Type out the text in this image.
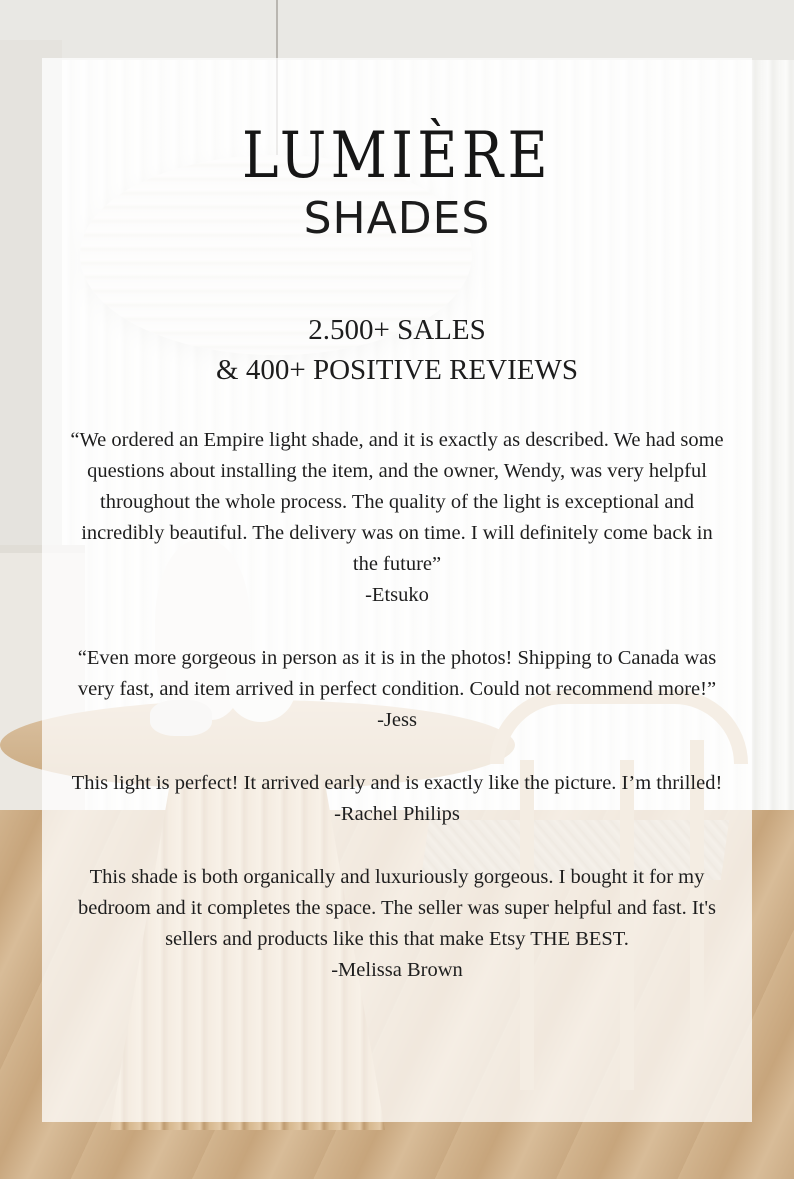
LUMIÈRE
SHADES
2.500+ SALES
& 400+ POSITIVE REVIEWS

“We ordered an Empire light shade, and it is exactly as described. We had some questions about installing the item, and the owner, Wendy, was very helpful throughout the whole process. The quality of the light is exceptional and incredibly beautiful. The delivery was on time. I will definitely come back in the future”

-Etsuko

“Even more gorgeous in person as it is in the photos! Shipping to Canada was very fast, and item arrived in perfect condition. Could not recommend more!”

-Jess

This light is perfect! It arrived early and is exactly like the picture. I’m thrilled!

-Rachel Philips

This shade is both organically and luxuriously gorgeous. I bought it for my bedroom and it completes the space. The seller was super helpful and fast. It's sellers and products like this that make Etsy THE BEST.

-Melissa Brown
